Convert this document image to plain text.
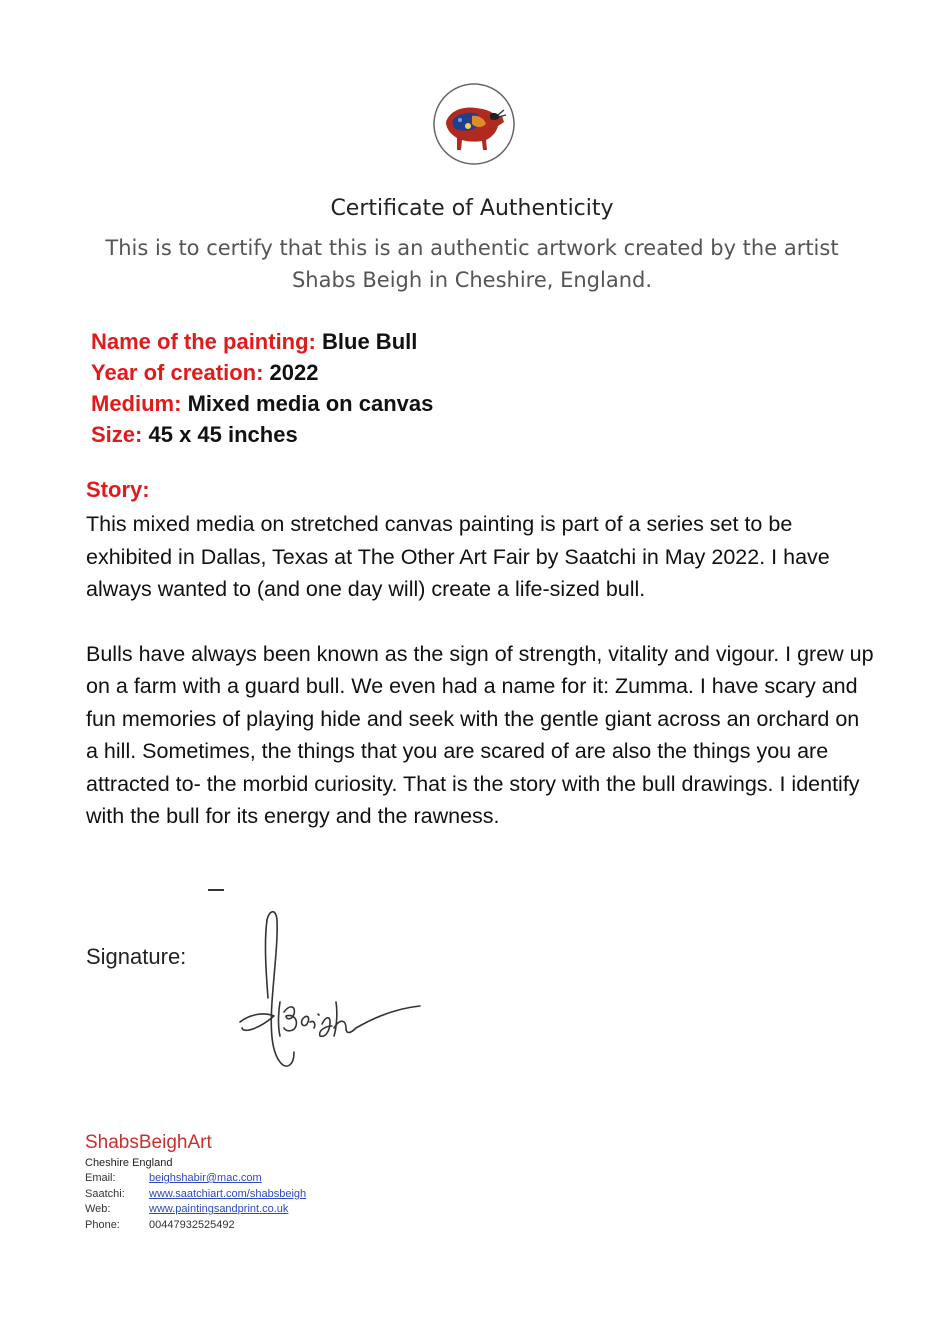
Certificate of Authenticity
This is to certify that this is an authentic artwork created by the artist
Shabs Beigh in Cheshire, England.
Name of the painting: Blue Bull
Year of creation: 2022
Medium: Mixed media on canvas
Size: 45 x 45 inches
Story:
This mixed media on stretched canvas painting is part of a series set to be exhibited in Dallas, Texas at The Other Art Fair by Saatchi in May 2022. I have always wanted to (and one day will) create a life-sized bull.
Bulls have always been known as the sign of strength, vitality and vigour. I grew up on a farm with a guard bull. We even had a name for it: Zumma. I have scary and fun memories of playing hide and seek with the gentle giant across an orchard on a hill. Sometimes, the things that you are scared of are also the things you are attracted to- the morbid curiosity. That is the story with the bull drawings. I identify with the bull for its energy and the rawness.
Signature:
ShabsBeighArt
Cheshire England
Email:	beighshabir@mac.com
Saatchi: www.saatchiart.com/shabsbeigh
Web:	www.paintingsandprint.co.uk
Phone:	00447932525492
